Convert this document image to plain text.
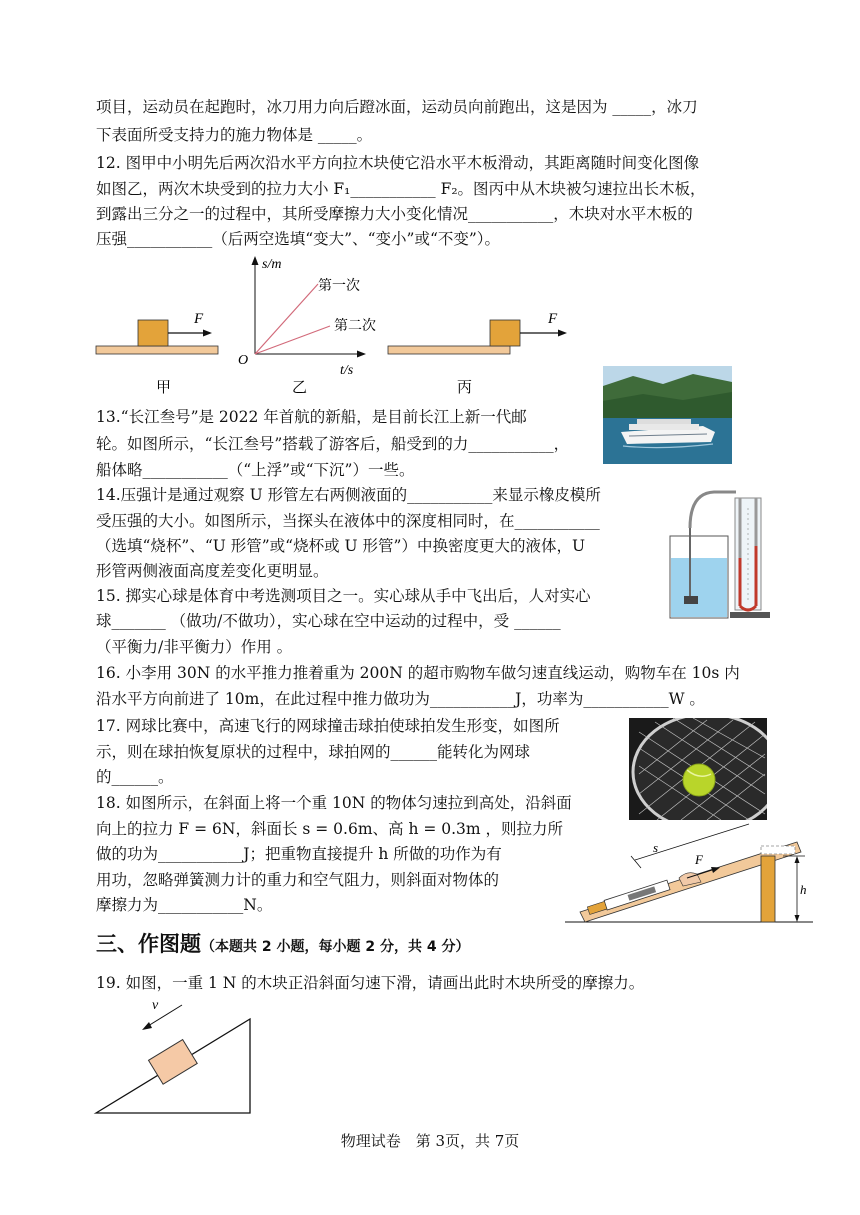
项目，运动员在起跑时，冰刀用力向后蹬冰面，运动员向前跑出，这是因为 _____，冰刀
下表面所受支持力的施力物体是 _____。
12. 图甲中小明先后两次沿水平方向拉木块使它沿水平木板滑动，其距离随时间变化图像
如图乙，两次木块受到的拉力大小 F₁___________ F₂。图丙中从木块被匀速拉出长木板，
到露出三分之一的过程中，其所受摩擦力大小变化情况___________，木块对水平木板的
压强___________（后两空选填“变大”、“变小”或“不变”）。
13.“长江叁号”是 2022 年首航的新船，是目前长江上新一代邮
轮。如图所示，“长江叁号”搭载了游客后，船受到的力___________，
船体略___________（“上浮”或“下沉”）一些。
14.压强计是通过观察 U 形管左右两侧液面的___________来显示橡皮模所
受压强的大小。如图所示，当探头在液体中的深度相同时，在___________
（选填“烧杯”、“U 形管”或“烧杯或 U 形管”）中换密度更大的液体，U
形管两侧液面高度差变化更明显。
15. 掷实心球是体育中考选测项目之一。实心球从手中飞出后，人对实心
球_______ （做功/不做功），实心球在空中运动的过程中，受 ______
（平衡力/非平衡力）作用 。
16. 小李用 30N 的水平推力推着重为 200N 的超市购物车做匀速直线运动，购物车在 10s 内
沿水平方向前进了 10m，在此过程中推力做功为___________J，功率为___________W 。
17. 网球比赛中，高速飞行的网球撞击球拍使球拍发生形变，如图所
示，则在球拍恢复原状的过程中，球拍网的______能转化为网球
的______。
18. 如图所示，在斜面上将一个重 10N 的物体匀速拉到高处，沿斜面
向上的拉力 F = 6N，斜面长 s = 0.6m、高 h = 0.3m ，则拉力所
做的功为___________J；把重物直接提升 h 所做的功作为有
用功，忽略弹簧测力计的重力和空气阻力，则斜面对物体的
摩擦力为___________N。
三、作图题（本题共 2 小题，每小题 2 分，共 4 分）
19. 如图，一重 1 N 的木块正沿斜面匀速下滑，请画出此时木块所受的摩擦力。
F
甲
s/m
t/s
O
第一次
第二次
乙
F
丙
h
s
F
v
物理试卷　第 3页，共 7页
